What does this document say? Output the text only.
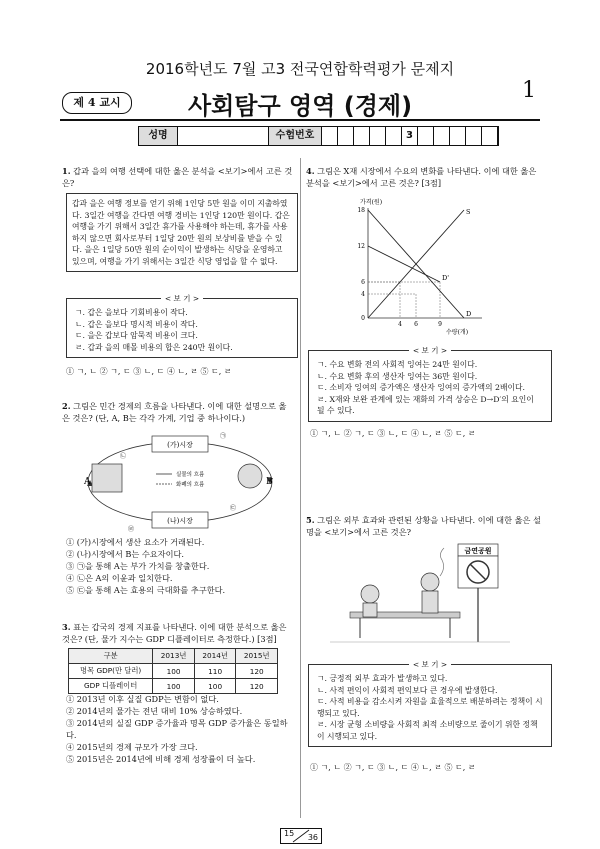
2016학년도 7월 고3 전국연합학력평가 문제지
1
제 4 교시	사회탐구 영역 (경제)
성명	수험번호	3
1. 갑과 을의 여행 선택에 대한 옳은 분석을 <보기>에서 고른 것은?
갑과 을은 여행 정보를 얻기 위해 1인당 5만 원을 이미 지출하였다. 3일간 여행을 간다면 여행 경비는 1인당 120만 원이다. 갑은 여행을 가기 위해서 3일간 휴가를 사용해야 하는데, 휴가를 사용하지 않으면 회사로부터 1일당 20만 원의 보상비를 받을 수 있다. 을은 1일당 50만 원의 순이익이 발생하는 식당을 운영하고 있으며, 여행을 가기 위해서는 3일간 식당 영업을 할 수 없다.
< 보 기 >
ㄱ. 갑은 을보다 기회비용이 작다.
ㄴ. 갑은 을보다 명시적 비용이 작다.
ㄷ. 을은 갑보다 암묵적 비용이 크다.
ㄹ. 갑과 을의 매몰 비용의 합은 240만 원이다.
① ㄱ, ㄴ ② ㄱ, ㄷ ③ ㄴ, ㄷ ④ ㄴ, ㄹ ⑤ ㄷ, ㄹ
2. 그림은 민간 경제의 흐름을 나타낸다. 이에 대한 설명으로 옳은 것은? (단, A, B는 각각 가계, 기업 중 하나이다.)
(가)시장
(나)시장
A	B
실물의 흐름
화폐의 흐름
㉠
㉡
㉢
㉣
① (가)시장에서 생산 요소가 거래된다.
② (나)시장에서 B는 수요자이다.
③ ㉠을 통해 A는 부가 가치를 창출한다.
④ ㉡은 A의 이윤과 일치한다.
⑤ ㉢을 통해 A는 효용의 극대화를 추구한다.
3. 표는 갑국의 경제 지표를 나타낸다. 이에 대한 분석으로 옳은 것은? (단, 물가 지수는 GDP 디플레이터로 측정한다.) [3점]
구분	2013년	2014년	2015년
명목 GDP(만 달러)	100	110	120
GDP 디플레이터	100	100	120
① 2013년 이후 실질 GDP는 변함이 없다.
② 2014년의 물가는 전년 대비 10% 상승하였다.
③ 2014년의 실질 GDP 증가율과 명목 GDP 증가율은 동일하다.
④ 2015년의 경제 규모가 가장 크다.
⑤ 2015년은 2014년에 비해 경제 성장률이 더 높다.
4. 그림은 X재 시장에서 수요의 변화를 나타낸다. 이에 대한 옳은 분석을 <보기>에서 고른 것은? [3점]
가격(원)
수량(개)
S
D
D'
0
4
6
12
18
4 6	9
< 보 기 >
ㄱ. 수요 변화 전의 사회적 잉여는 24만 원이다.
ㄴ. 수요 변화 후의 생산자 잉여는 36만 원이다.
ㄷ. 소비자 잉여의 증가액은 생산자 잉여의 증가액의 2배이다.
ㄹ. X재와 보완 관계에 있는 재화의 가격 상승은 D→D′의 요인이 될 수 있다.
① ㄱ, ㄴ ② ㄱ, ㄷ ③ ㄴ, ㄷ ④ ㄴ, ㄹ ⑤ ㄷ, ㄹ
5. 그림은 외부 효과와 관련된 상황을 나타낸다. 이에 대한 옳은 설명을 <보기>에서 고른 것은?
금연공원
< 보 기 >
ㄱ. 긍정적 외부 효과가 발생하고 있다.
ㄴ. 사적 편익이 사회적 편익보다 큰 경우에 발생한다.
ㄷ. 사적 비용을 감소시켜 자원을 효율적으로 배분하려는 정책이 시행되고 있다.
ㄹ. 시장 균형 소비량을 사회적 최적 소비량으로 줄이기 위한 정책이 시행되고 있다.
① ㄱ, ㄴ ② ㄱ, ㄷ ③ ㄴ, ㄷ ④ ㄴ, ㄹ ⑤ ㄷ, ㄹ
15 36
